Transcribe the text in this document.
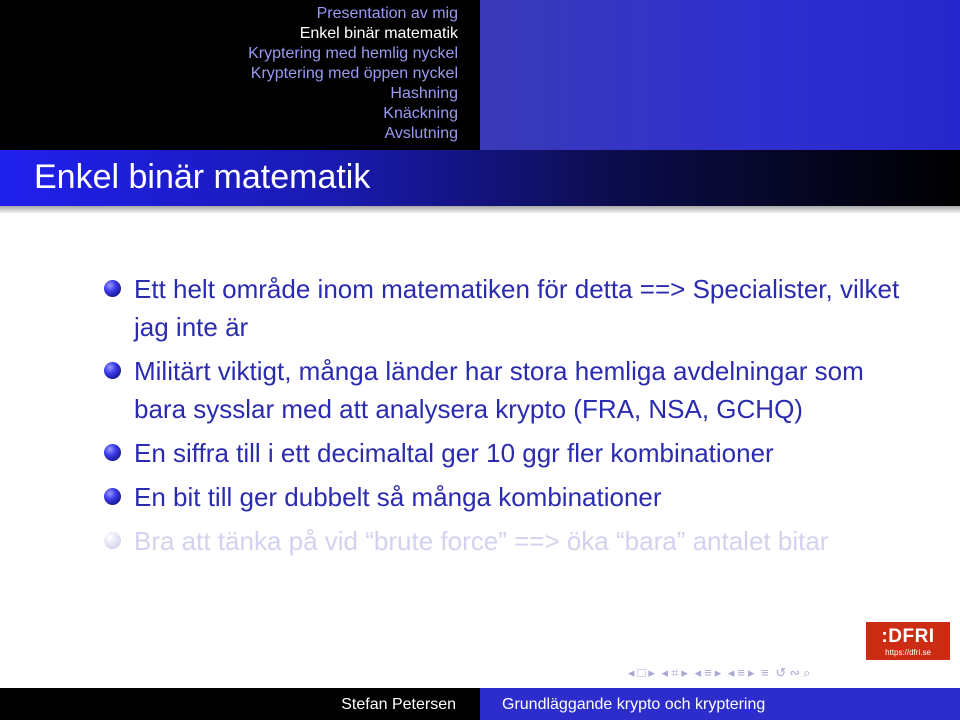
Presentation av mig
Enkel binär matematik
Kryptering med hemlig nyckel
Kryptering med öppen nyckel
Hashning
Knäckning
Avslutning
Enkel binär matematik
Ett helt område inom matematiken för detta ==> Specialister, vilket jag inte är
Militärt viktigt, många länder har stora hemliga avdelningar som bara sysslar med att analysera krypto (FRA, NSA, GCHQ)
En siffra till i ett decimaltal ger 10 ggr fler kombinationer
En bit till ger dubbelt så många kombinationer
Bra att tänka på vid “brute force” ==> öka “bara” antalet bitar
:DFRI
https://dfri.se
◂ □ ▸ ◂ ⌗ ▸ ◂ ≡ ▸ ◂ ≡ ▸ ≡ ↺ ∾ ⌕
Stefan Petersen	Grundläggande krypto och kryptering
